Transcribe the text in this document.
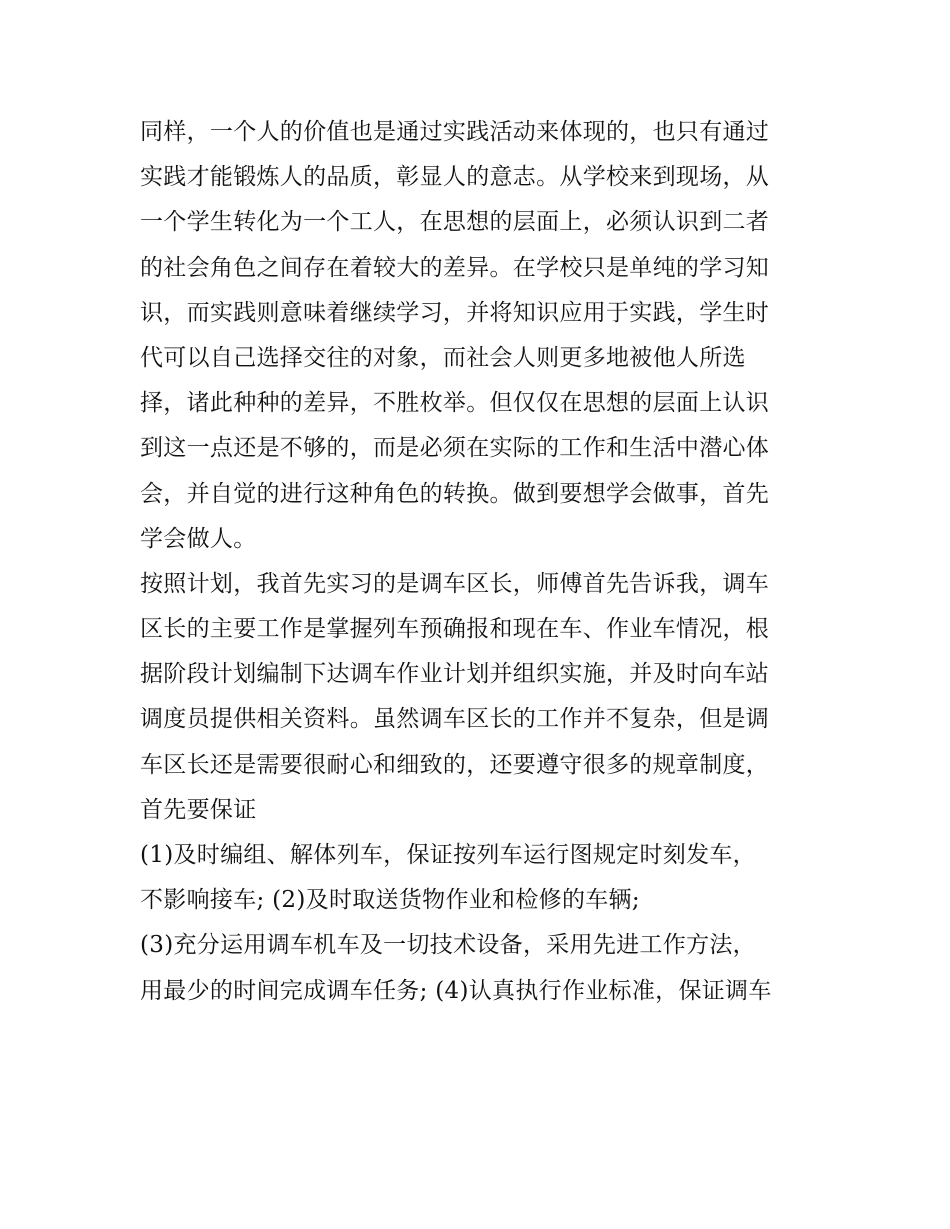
同样，一个人的价值也是通过实践活动来体现的，也只有通过
实践才能锻炼人的品质，彰显人的意志。从学校来到现场，从
一个学生转化为一个工人，在思想的层面上，必须认识到二者
的社会角色之间存在着较大的差异。在学校只是单纯的学习知
识，而实践则意味着继续学习，并将知识应用于实践，学生时
代可以自己选择交往的对象，而社会人则更多地被他人所选
择，诸此种种的差异，不胜枚举。但仅仅在思想的层面上认识
到这一点还是不够的，而是必须在实际的工作和生活中潜心体
会，并自觉的进行这种角色的转换。做到要想学会做事，首先
学会做人。
按照计划，我首先实习的是调车区长，师傅首先告诉我，调车
区长的主要工作是掌握列车预确报和现在车、作业车情况，根
据阶段计划编制下达调车作业计划并组织实施，并及时向车站
调度员提供相关资料。虽然调车区长的工作并不复杂，但是调
车区长还是需要很耐心和细致的，还要遵守很多的规章制度，
首先要保证
(1)及时编组、解体列车，保证按列车运行图规定时刻发车，
不影响接车; (2)及时取送货物作业和检修的车辆;
(3)充分运用调车机车及一切技术设备，采用先进工作方法，
用最少的时间完成调车任务; (4)认真执行作业标准，保证调车
